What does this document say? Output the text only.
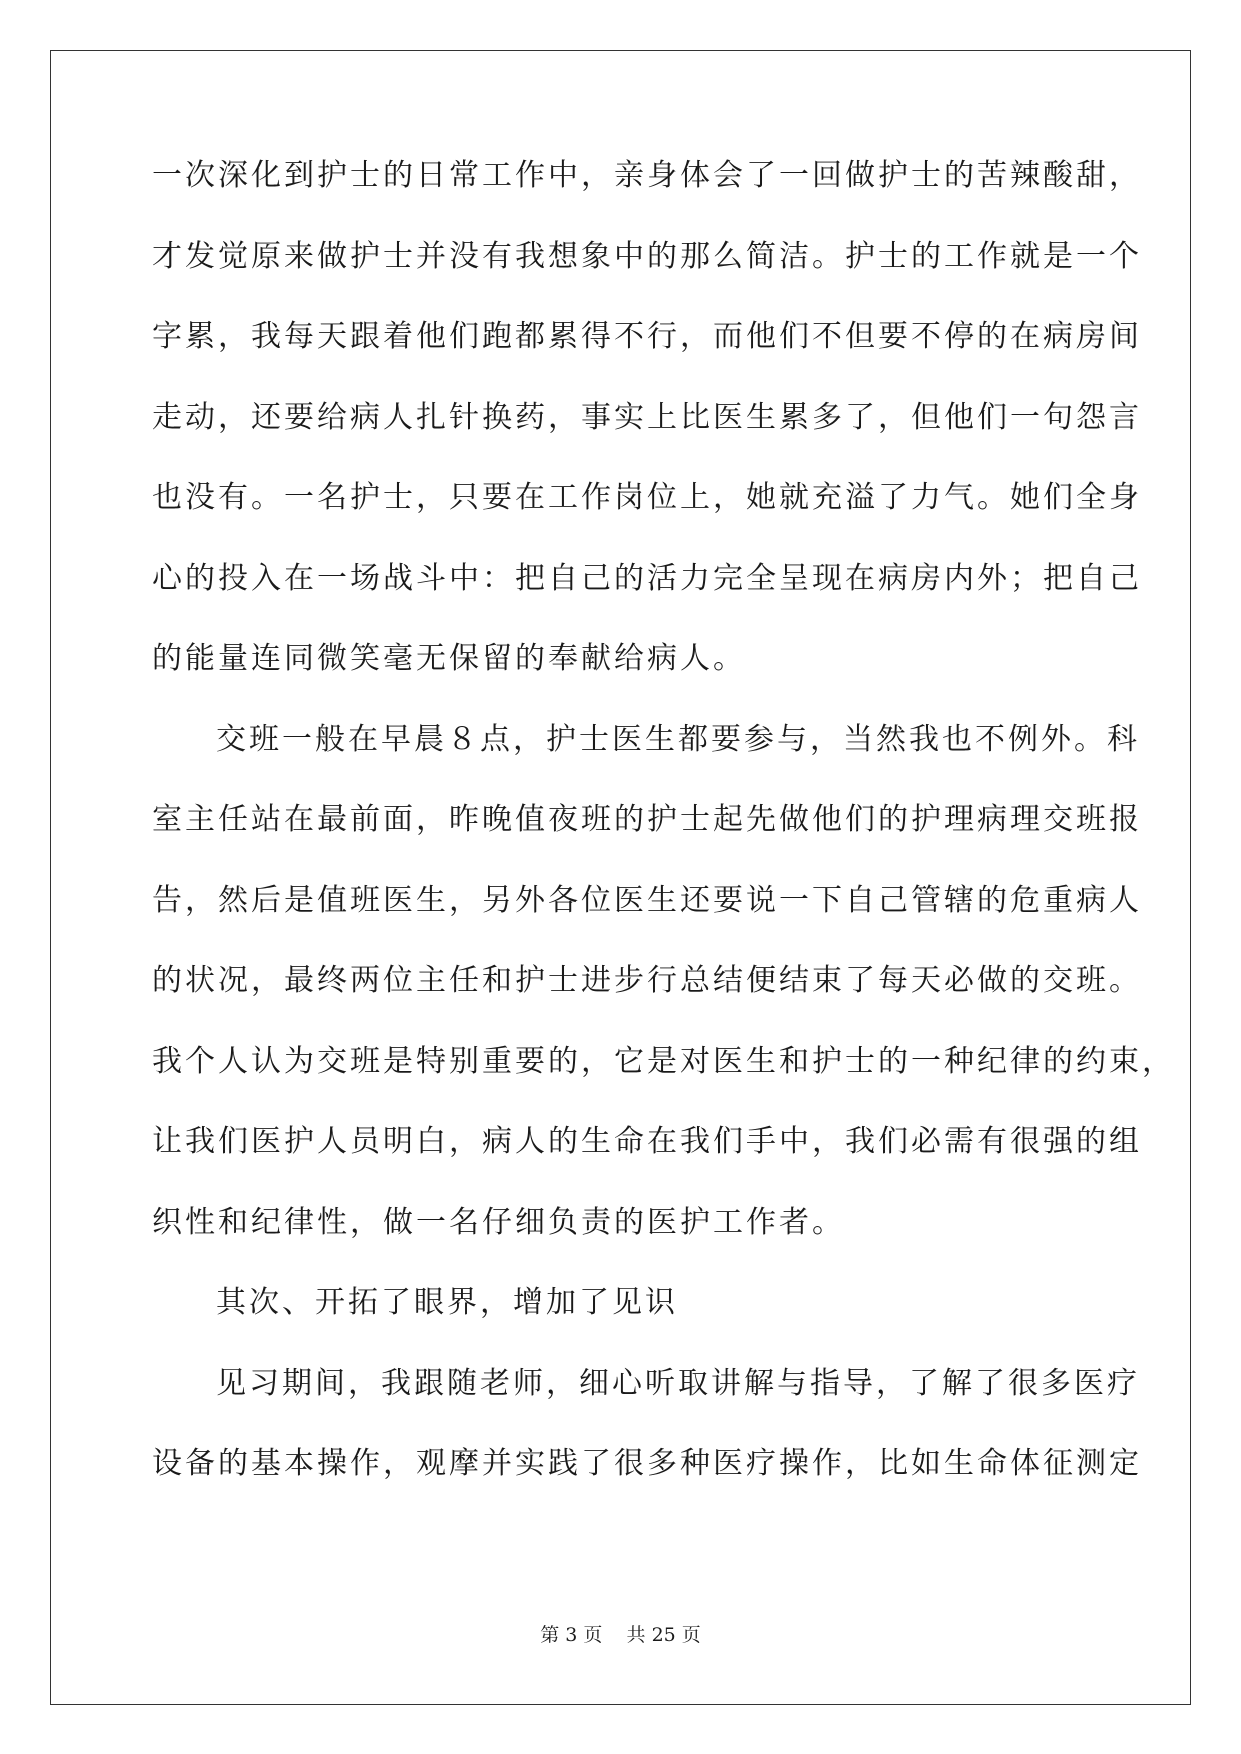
一次深化到护士的日常工作中，亲身体会了一回做护士的苦辣酸甜，
才发觉原来做护士并没有我想象中的那么简洁。护士的工作就是一个
字累，我每天跟着他们跑都累得不行，而他们不但要不停的在病房间
走动，还要给病人扎针换药，事实上比医生累多了，但他们一句怨言
也没有。一名护士，只要在工作岗位上，她就充溢了力气。她们全身
心的投入在一场战斗中：把自己的活力完全呈现在病房内外；把自己
的能量连同微笑毫无保留的奉献给病人。
交班一般在早晨８点，护士医生都要参与，当然我也不例外。科
室主任站在最前面，昨晚值夜班的护士起先做他们的护理病理交班报
告，然后是值班医生，另外各位医生还要说一下自己管辖的危重病人
的状况，最终两位主任和护士进步行总结便结束了每天必做的交班。
我个人认为交班是特别重要的，它是对医生和护士的一种纪律的约束，
让我们医护人员明白，病人的生命在我们手中，我们必需有很强的组
织性和纪律性，做一名仔细负责的医护工作者。
其次、开拓了眼界，增加了见识
见习期间，我跟随老师，细心听取讲解与指导，了解了很多医疗
设备的基本操作，观摩并实践了很多种医疗操作，比如生命体征测定
第 3 页 共 25 页
